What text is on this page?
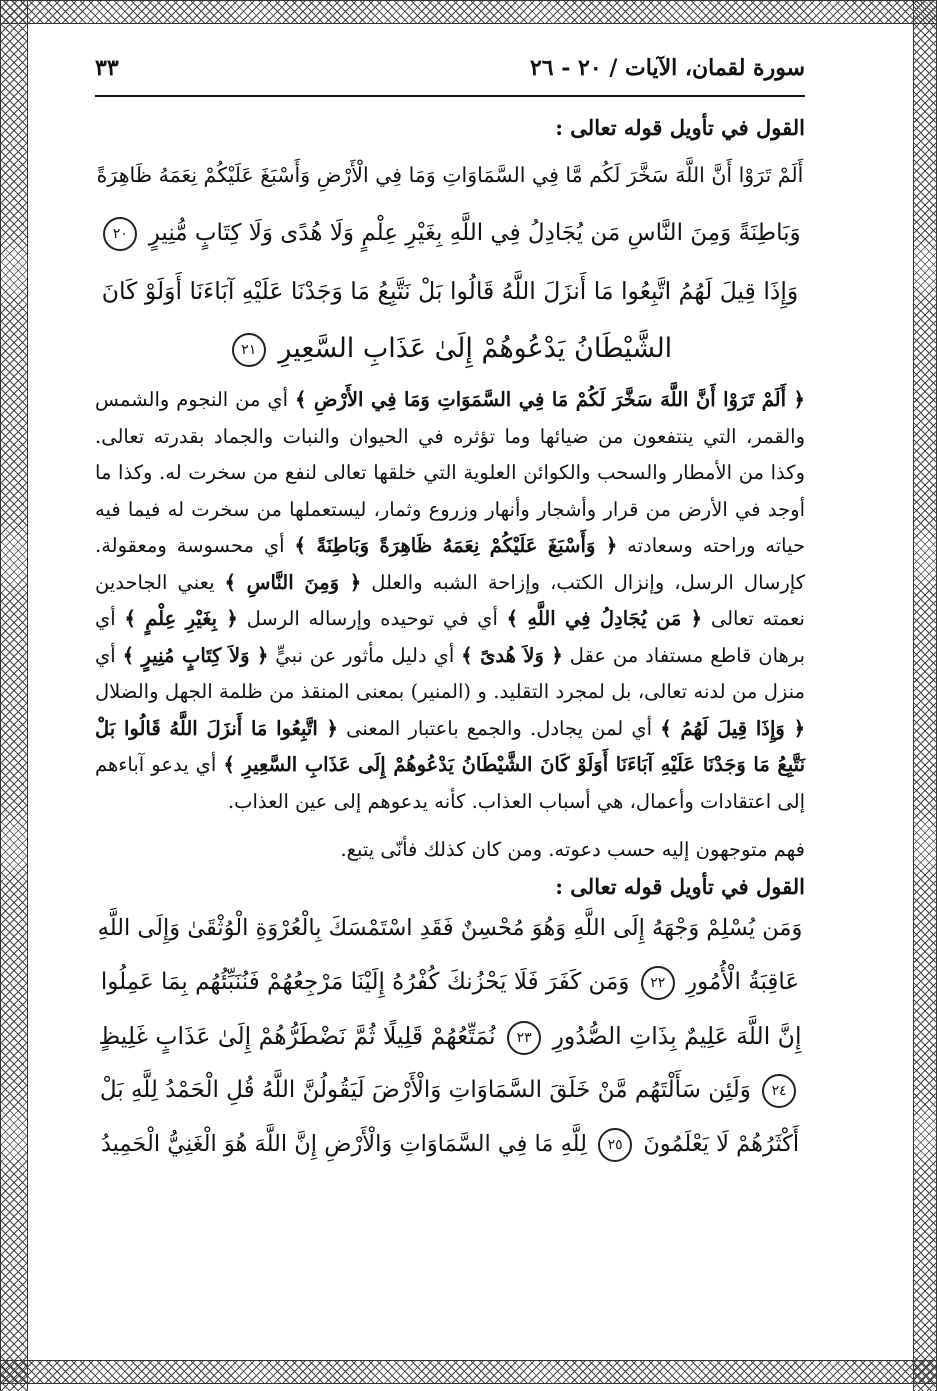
سورة لقمان، الآيات / ٢٠ - ٢٦
٣٣
القول في تأويل قوله تعالى :
أَلَمْ تَرَوْا أَنَّ اللَّهَ سَخَّرَ لَكُم مَّا فِي السَّمَاوَاتِ وَمَا فِي الْأَرْضِ وَأَسْبَغَ عَلَيْكُمْ نِعَمَهُ ظَاهِرَةً
وَبَاطِنَةً وَمِنَ النَّاسِ مَن يُجَادِلُ فِي اللَّهِ بِغَيْرِ عِلْمٍ وَلَا هُدًى وَلَا كِتَابٍ مُّنِيرٍ ٢٠
وَإِذَا قِيلَ لَهُمُ اتَّبِعُوا مَا أَنزَلَ اللَّهُ قَالُوا بَلْ نَتَّبِعُ مَا وَجَدْنَا عَلَيْهِ آبَاءَنَا أَوَلَوْ كَانَ
الشَّيْطَانُ يَدْعُوهُمْ إِلَىٰ عَذَابِ السَّعِيرِ ٢١

﴿ أَلَمْ تَرَوْا أَنَّ اللَّهَ سَخَّرَ لَكُمْ مَا فِي السَّمَوَاتِ وَمَا فِي الأَرْضِ ﴾ أي من النجوم والشمس والقمر، التي ينتفعون من ضيائها وما تؤثره في الحيوان والنبات والجماد بقدرته تعالى. وكذا من الأمطار والسحب والكوائن العلوية التي خلقها تعالى لنفع من سخرت له. وكذا ما أوجد في الأرض من قرار وأشجار وأنهار وزروع وثمار، ليستعملها من سخرت له فيما فيه حياته وراحته وسعادته ﴿ وَأَسْبَغَ عَلَيْكُمْ نِعَمَهُ ظَاهِرَةً وَبَاطِنَةً ﴾ أي محسوسة ومعقولة. كإرسال الرسل، وإنزال الكتب، وإزاحة الشبه والعلل ﴿ وَمِنَ النَّاسِ ﴾ يعني الجاحدين نعمته تعالى ﴿ مَن يُجَادِلُ فِي اللَّهِ ﴾ أي في توحيده وإرساله الرسل ﴿ بِغَيْرِ عِلْمٍ ﴾ أي برهان قاطع مستفاد من عقل ﴿ وَلاَ هُدىً ﴾ أي دليل مأثور عن نبيٍّ ﴿ وَلاَ كِتَابٍ مُنِيرٍ ﴾ أي منزل من لدنه تعالى، بل لمجرد التقليد. و (المنير) بمعنى المنقذ من ظلمة الجهل والضلال ﴿ وَإِذَا قِيلَ لَهُمُ ﴾ أي لمن يجادل. والجمع باعتبار المعنى ﴿ اتَّبِعُوا مَا أَنزَلَ اللَّهُ قَالُوا بَلْ نَتَّبِعُ مَا وَجَدْنَا عَلَيْهِ آبَاءَنَا أَوَلَوْ كَانَ الشَّيْطَانُ يَدْعُوهُمْ إِلَى عَذَابِ السَّعِيرِ ﴾ أي يدعو آباءهم إلى اعتقادات وأعمال، هي أسباب العذاب. كأنه يدعوهم إلى عين العذاب.

فهم متوجهون إليه حسب دعوته. ومن كان كذلك فأنّى يتبع.

القول في تأويل قوله تعالى :
وَمَن يُسْلِمْ وَجْهَهُ إِلَى اللَّهِ وَهُوَ مُحْسِنٌ فَقَدِ اسْتَمْسَكَ بِالْعُرْوَةِ الْوُثْقَىٰ وَإِلَى اللَّهِ
عَاقِبَةُ الْأُمُورِ ٢٢ وَمَن كَفَرَ فَلَا يَحْزُنكَ كُفْرُهُ إِلَيْنَا مَرْجِعُهُمْ فَنُنَبِّئُهُم بِمَا عَمِلُوا
إِنَّ اللَّهَ عَلِيمٌ بِذَاتِ الصُّدُورِ ٢٣ نُمَتِّعُهُمْ قَلِيلًا ثُمَّ نَضْطَرُّهُمْ إِلَىٰ عَذَابٍ غَلِيظٍ
٢٤ وَلَئِن سَأَلْتَهُم مَّنْ خَلَقَ السَّمَاوَاتِ وَالْأَرْضَ لَيَقُولُنَّ اللَّهُ قُلِ الْحَمْدُ لِلَّهِ بَلْ
أَكْثَرُهُمْ لَا يَعْلَمُونَ ٢٥ لِلَّهِ مَا فِي السَّمَاوَاتِ وَالْأَرْضِ إِنَّ اللَّهَ هُوَ الْغَنِيُّ الْحَمِيدُ
